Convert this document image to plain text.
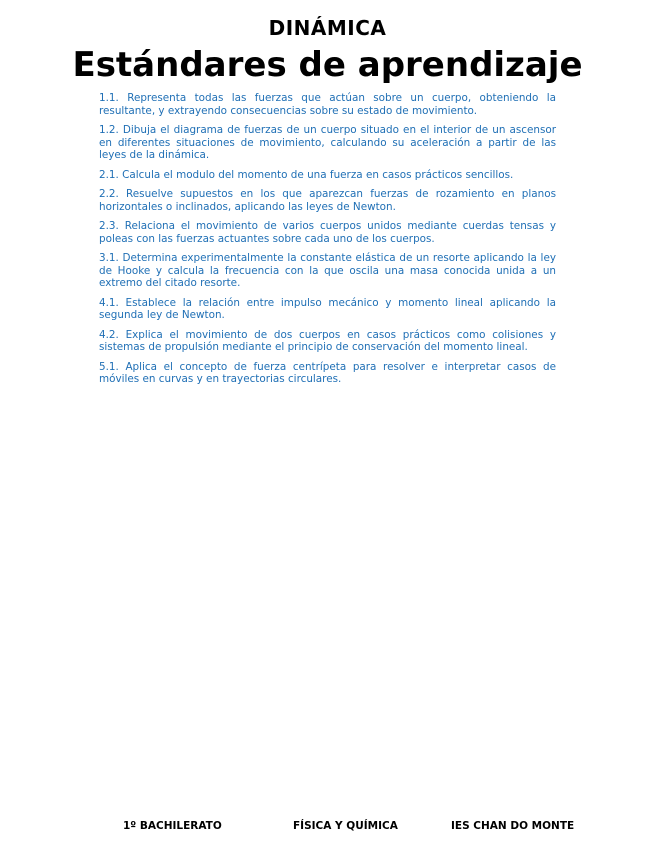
DINÁMICA
Estándares de aprendizaje

1.1. Representa todas las fuerzas que actúan sobre un cuerpo, obteniendo la resultante, y extrayendo consecuencias sobre su estado de movimiento.

1.2. Dibuja el diagrama de fuerzas de un cuerpo situado en el interior de un ascensor en diferentes situaciones de movimiento, calculando su aceleración a partir de las leyes de la dinámica.

2.1. Calcula el modulo del momento de una fuerza en casos prácticos sencillos.

2.2. Resuelve supuestos en los que aparezcan fuerzas de rozamiento en planos horizontales o inclinados, aplicando las leyes de Newton.

2.3. Relaciona el movimiento de varios cuerpos unidos mediante cuerdas tensas y poleas con las fuerzas actuantes sobre cada uno de los cuerpos.

3.1. Determina experimentalmente la constante elástica de un resorte aplicando la ley de Hooke y calcula la frecuencia con la que oscila una masa conocida unida a un extremo del citado resorte.

4.1. Establece la relación entre impulso mecánico y momento lineal aplicando la segunda ley de Newton.

4.2. Explica el movimiento de dos cuerpos en casos prácticos como colisiones y sistemas de propulsión mediante el principio de conservación del momento lineal.

5.1. Aplica el concepto de fuerza centrípeta para resolver e interpretar casos de móviles en curvas y en trayectorias circulares.

1º BACHILERATO	FÍSICA Y QUÍMICA	IES CHAN DO MONTE
